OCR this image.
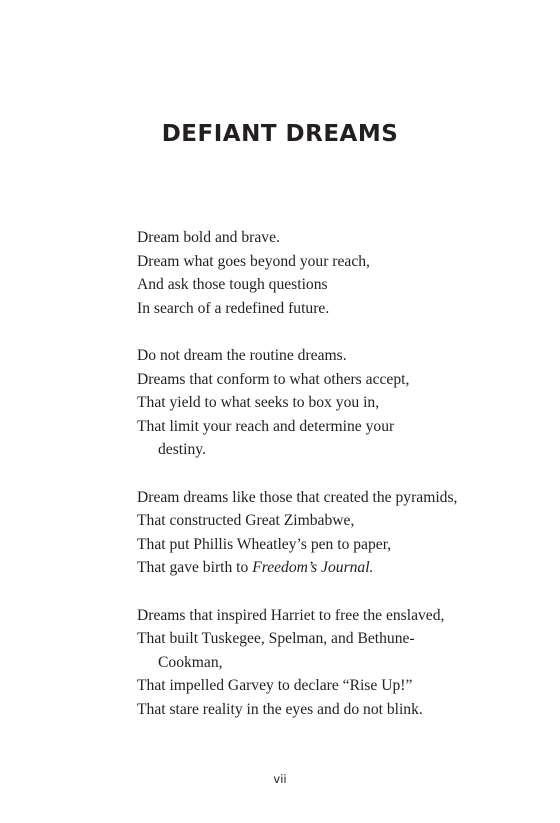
DEFIANT DREAMS
Dream bold and brave.
Dream what goes beyond your reach,
And ask those tough questions
In search of a redefined future.
Do not dream the routine dreams.
Dreams that conform to what others accept,
That yield to what seeks to box you in,
That limit your reach and determine your
destiny.
Dream dreams like those that created the pyramids,
That constructed Great Zimbabwe,
That put Phillis Wheatley’s pen to paper,
That gave birth to Freedom’s Journal.
Dreams that inspired Harriet to free the enslaved,
That built Tuskegee, Spelman, and Bethune-
Cookman,
That impelled Garvey to declare “Rise Up!”
That stare reality in the eyes and do not blink.
vii
